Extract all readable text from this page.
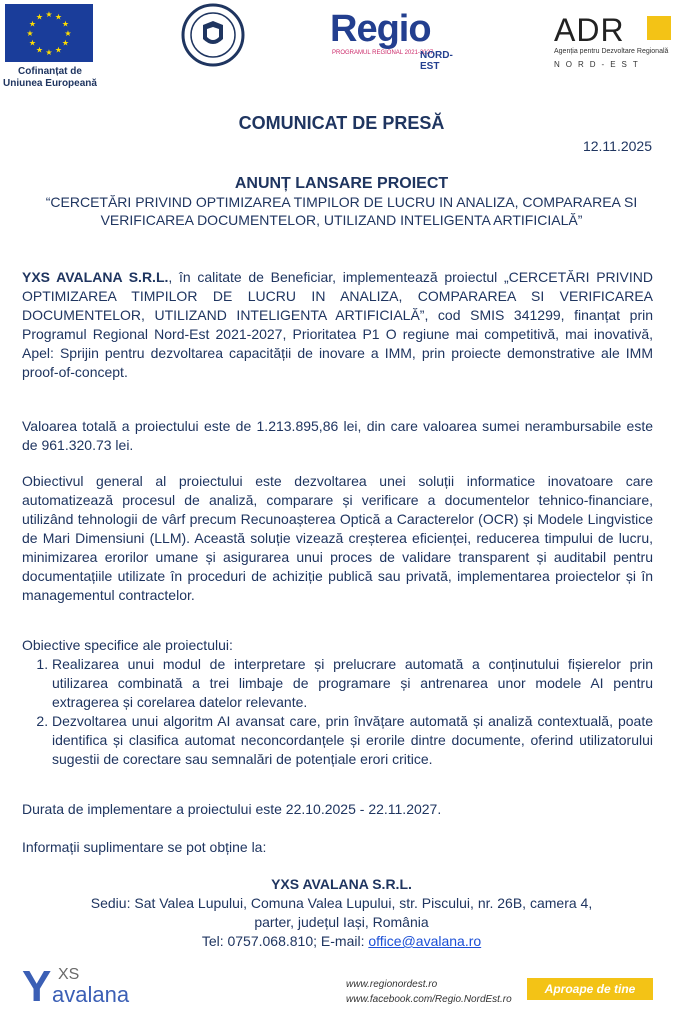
★ ★
★
★
★
★
★
★
★
★
★
★
Cofinanțat de Uniunea Europeană
Regio
PROGRAMUL REGIONAL 2021-2027
NORD-EST
ADR
Agenția pentru Dezvoltare Regională
NORD-EST
COMUNICAT DE PRESĂ
12.11.2025
ANUNȚ LANSARE PROIECT
“CERCETĂRI PRIVIND OPTIMIZAREA TIMPILOR DE LUCRU IN ANALIZA, COMPARAREA SI VERIFICAREA DOCUMENTELOR, UTILIZAND INTELIGENTA ARTIFICIALĂ”
YXS AVALANA S.R.L., în calitate de Beneficiar, implementează proiectul „CERCETĂRI PRIVIND OPTIMIZAREA TIMPILOR DE LUCRU IN ANALIZA, COMPARAREA SI VERIFICAREA DOCUMENTELOR, UTILIZAND INTELIGENTA ARTIFICIALĂ”, cod SMIS 341299, finanțat prin Programul Regional Nord-Est 2021-2027, Prioritatea P1 O regiune mai competitivă, mai inovativă, Apel: Sprijin pentru dezvoltarea capacității de inovare a IMM, prin proiecte demonstrative ale IMM proof-of-concept.
Valoarea totală a proiectului este de 1.213.895,86 lei, din care valoarea sumei nerambursabile este de 961.320.73 lei.
Obiectivul general al proiectului este dezvoltarea unei soluții informatice inovatoare care automatizează procesul de analiză, comparare și verificare a documentelor tehnico-financiare, utilizând tehnologii de vârf precum Recunoașterea Optică a Caracterelor (OCR) și Modele Lingvistice de Mari Dimensiuni (LLM). Această soluție vizează creșterea eficienței, reducerea timpului de lucru, minimizarea erorilor umane și asigurarea unui proces de validare transparent și auditabil pentru documentațiile utilizate în proceduri de achiziție publică sau privată, implementarea proiectelor și în managementul contractelor.
Obiective specifice ale proiectului:
1. Realizarea unui modul de interpretare și prelucrare automată a conținutului fișierelor prin utilizarea combinată a trei limbaje de programare și antrenarea unor modele AI pentru extragerea și corelarea datelor relevante.
2. Dezvoltarea unui algoritm AI avansat care, prin învățare automată și analiză contextuală, poate identifica și clasifica automat neconcordanțele și erorile dintre documente, oferind utilizatorului sugestii de corectare sau semnalări de potențiale erori critice.
Durata de implementare a proiectului este 22.10.2025 - 22.11.2027.
Informații suplimentare se pot obține la:
YXS AVALANA S.R.L.
Sediu: Sat Valea Lupului, Comuna Valea Lupului, str. Piscului, nr. 26B, camera 4,
parter, județul Iași, România
Tel: 0757.068.810; E-mail: office@avalana.ro
Y XS
avalana	www.regionordest.ro
www.facebook.com/Regio.NordEst.ro
Aproape de tine
